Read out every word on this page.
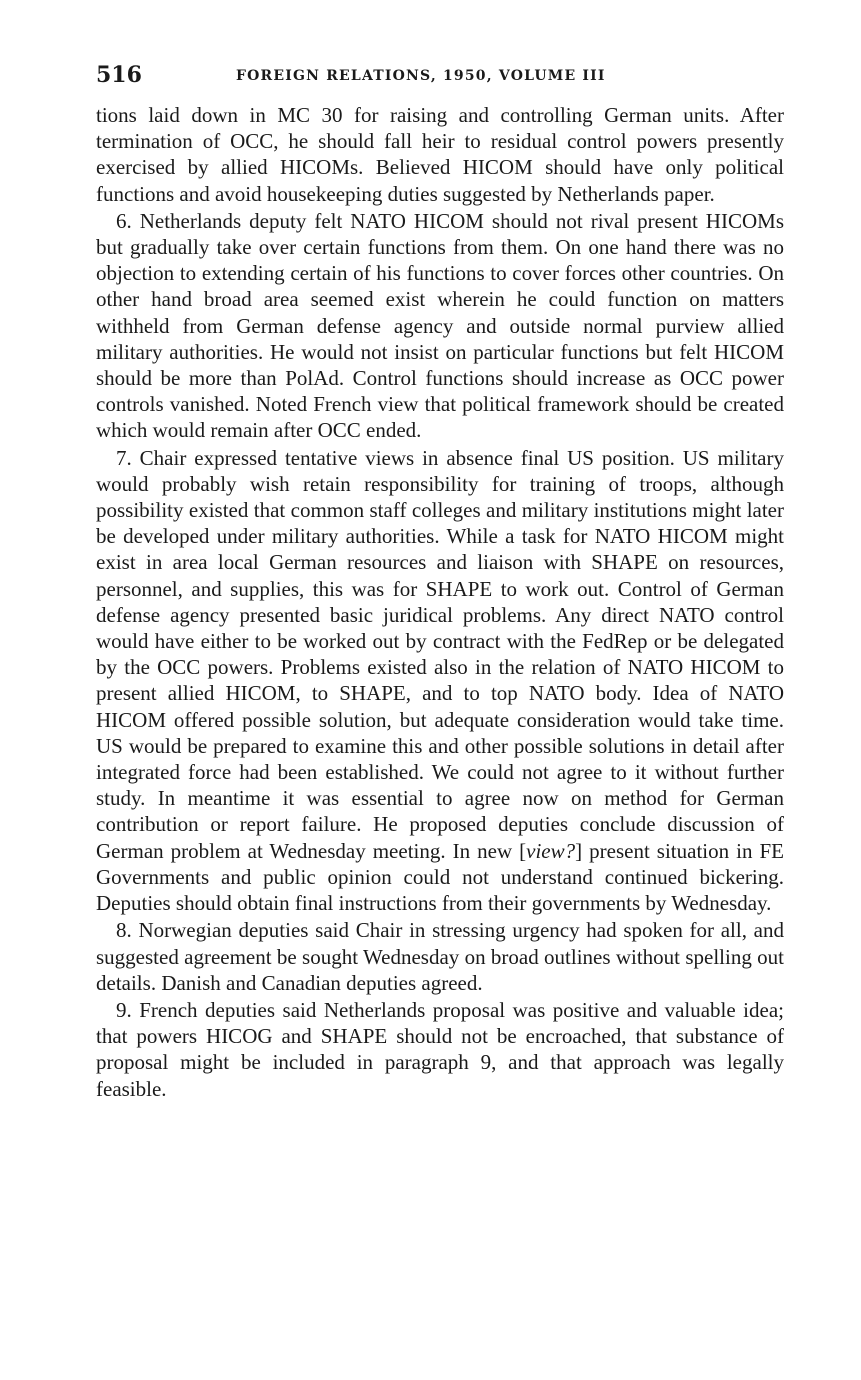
516	FOREIGN RELATIONS, 1950, VOLUME III

tions laid down in MC 30 for raising and controlling German units. After termination of OCC, he should fall heir to residual control powers presently exercised by allied HICOMs. Believed HICOM should have only political functions and avoid housekeeping duties suggested by Netherlands paper.

6. Netherlands deputy felt NATO HICOM should not rival present HICOMs but gradually take over certain functions from them. On one hand there was no objection to extending certain of his functions to cover forces other countries. On other hand broad area seemed exist wherein he could function on matters withheld from German defense agency and outside normal purview allied military authorities. He would not insist on particular functions but felt HICOM should be more than PolAd. Control functions should increase as OCC power controls vanished. Noted French view that political framework should be created which would remain after OCC ended.

7. Chair expressed tentative views in absence final US position. US military would probably wish retain responsibility for training of troops, although possibility existed that common staff colleges and military institutions might later be developed under military authorities. While a task for NATO HICOM might exist in area local German resources and liaison with SHAPE on resources, personnel, and supplies, this was for SHAPE to work out. Control of German defense agency presented basic juridical problems. Any direct NATO control would have either to be worked out by contract with the FedRep or be delegated by the OCC powers. Problems existed also in the relation of NATO HICOM to present allied HICOM, to SHAPE, and to top NATO body. Idea of NATO HICOM offered possible solution, but adequate consideration would take time. US would be prepared to examine this and other possible solutions in detail after integrated force had been established. We could not agree to it without further study. In meantime it was essential to agree now on method for German contribution or report failure. He proposed deputies conclude discussion of German problem at Wednesday meeting. In new [view?] present situation in FE Governments and public opinion could not understand continued bickering. Deputies should obtain final instructions from their governments by Wednesday.

8. Norwegian deputies said Chair in stressing urgency had spoken for all, and suggested agreement be sought Wednesday on broad outlines without spelling out details. Danish and Canadian deputies agreed.

9. French deputies said Netherlands proposal was positive and valuable idea; that powers HICOG and SHAPE should not be encroached, that substance of proposal might be included in paragraph 9, and that approach was legally feasible.
